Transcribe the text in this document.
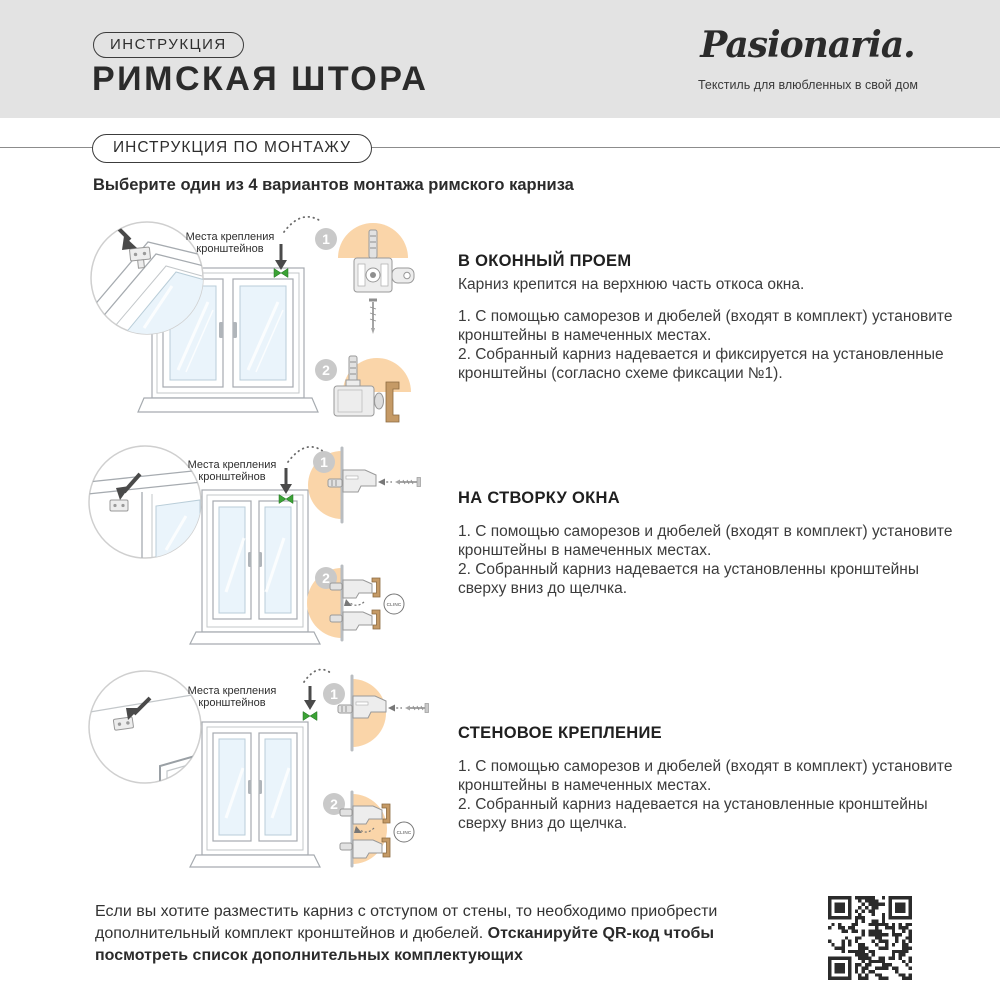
ИНСТРУКЦИЯ
РИМСКАЯ ШТОРА
Pasionaria.
Текстиль для влюбленных в свой дом
ИНСТРУКЦИЯ ПО МОНТАЖУ
Выберите один из 4 вариантов монтажа римского карниза
Места крепления
кронштейнов
1
2

В ОКОННЫЙ ПРОЕМ

Карниз крепится на верхнюю часть откоса окна.

1. С помощью саморезов и дюбелей (входят в комплект) установите кронштейны в намеченных местах.

2. Собранный карниз надевается и фиксируется на установленные кронштейны (согласно схеме фиксации №1).

Места крепления
кронштейнов
1
2
CLINC

НА СТВОРКУ ОКНА

1. С помощью саморезов и дюбелей (входят в комплект) установите кронштейны в намеченных местах.

2. Собранный карниз надевается на установленны кронштейны сверху вниз до щелчка.

Места крепления
кронштейнов
1
2
CLINC

СТЕНОВОЕ КРЕПЛЕНИЕ

1. С помощью саморезов и дюбелей (входят в комплект) установите кронштейны в намеченных местах.

2. Собранный карниз надевается на установленные кронштейны сверху вниз до щелчка.

Если вы хотите разместить карниз с отступом от стены, то необходимо приобрести дополнительный комплект кронштейнов и дюбелей. Отсканируйте QR-код чтобы посмотреть список дополнительных комплектующих
